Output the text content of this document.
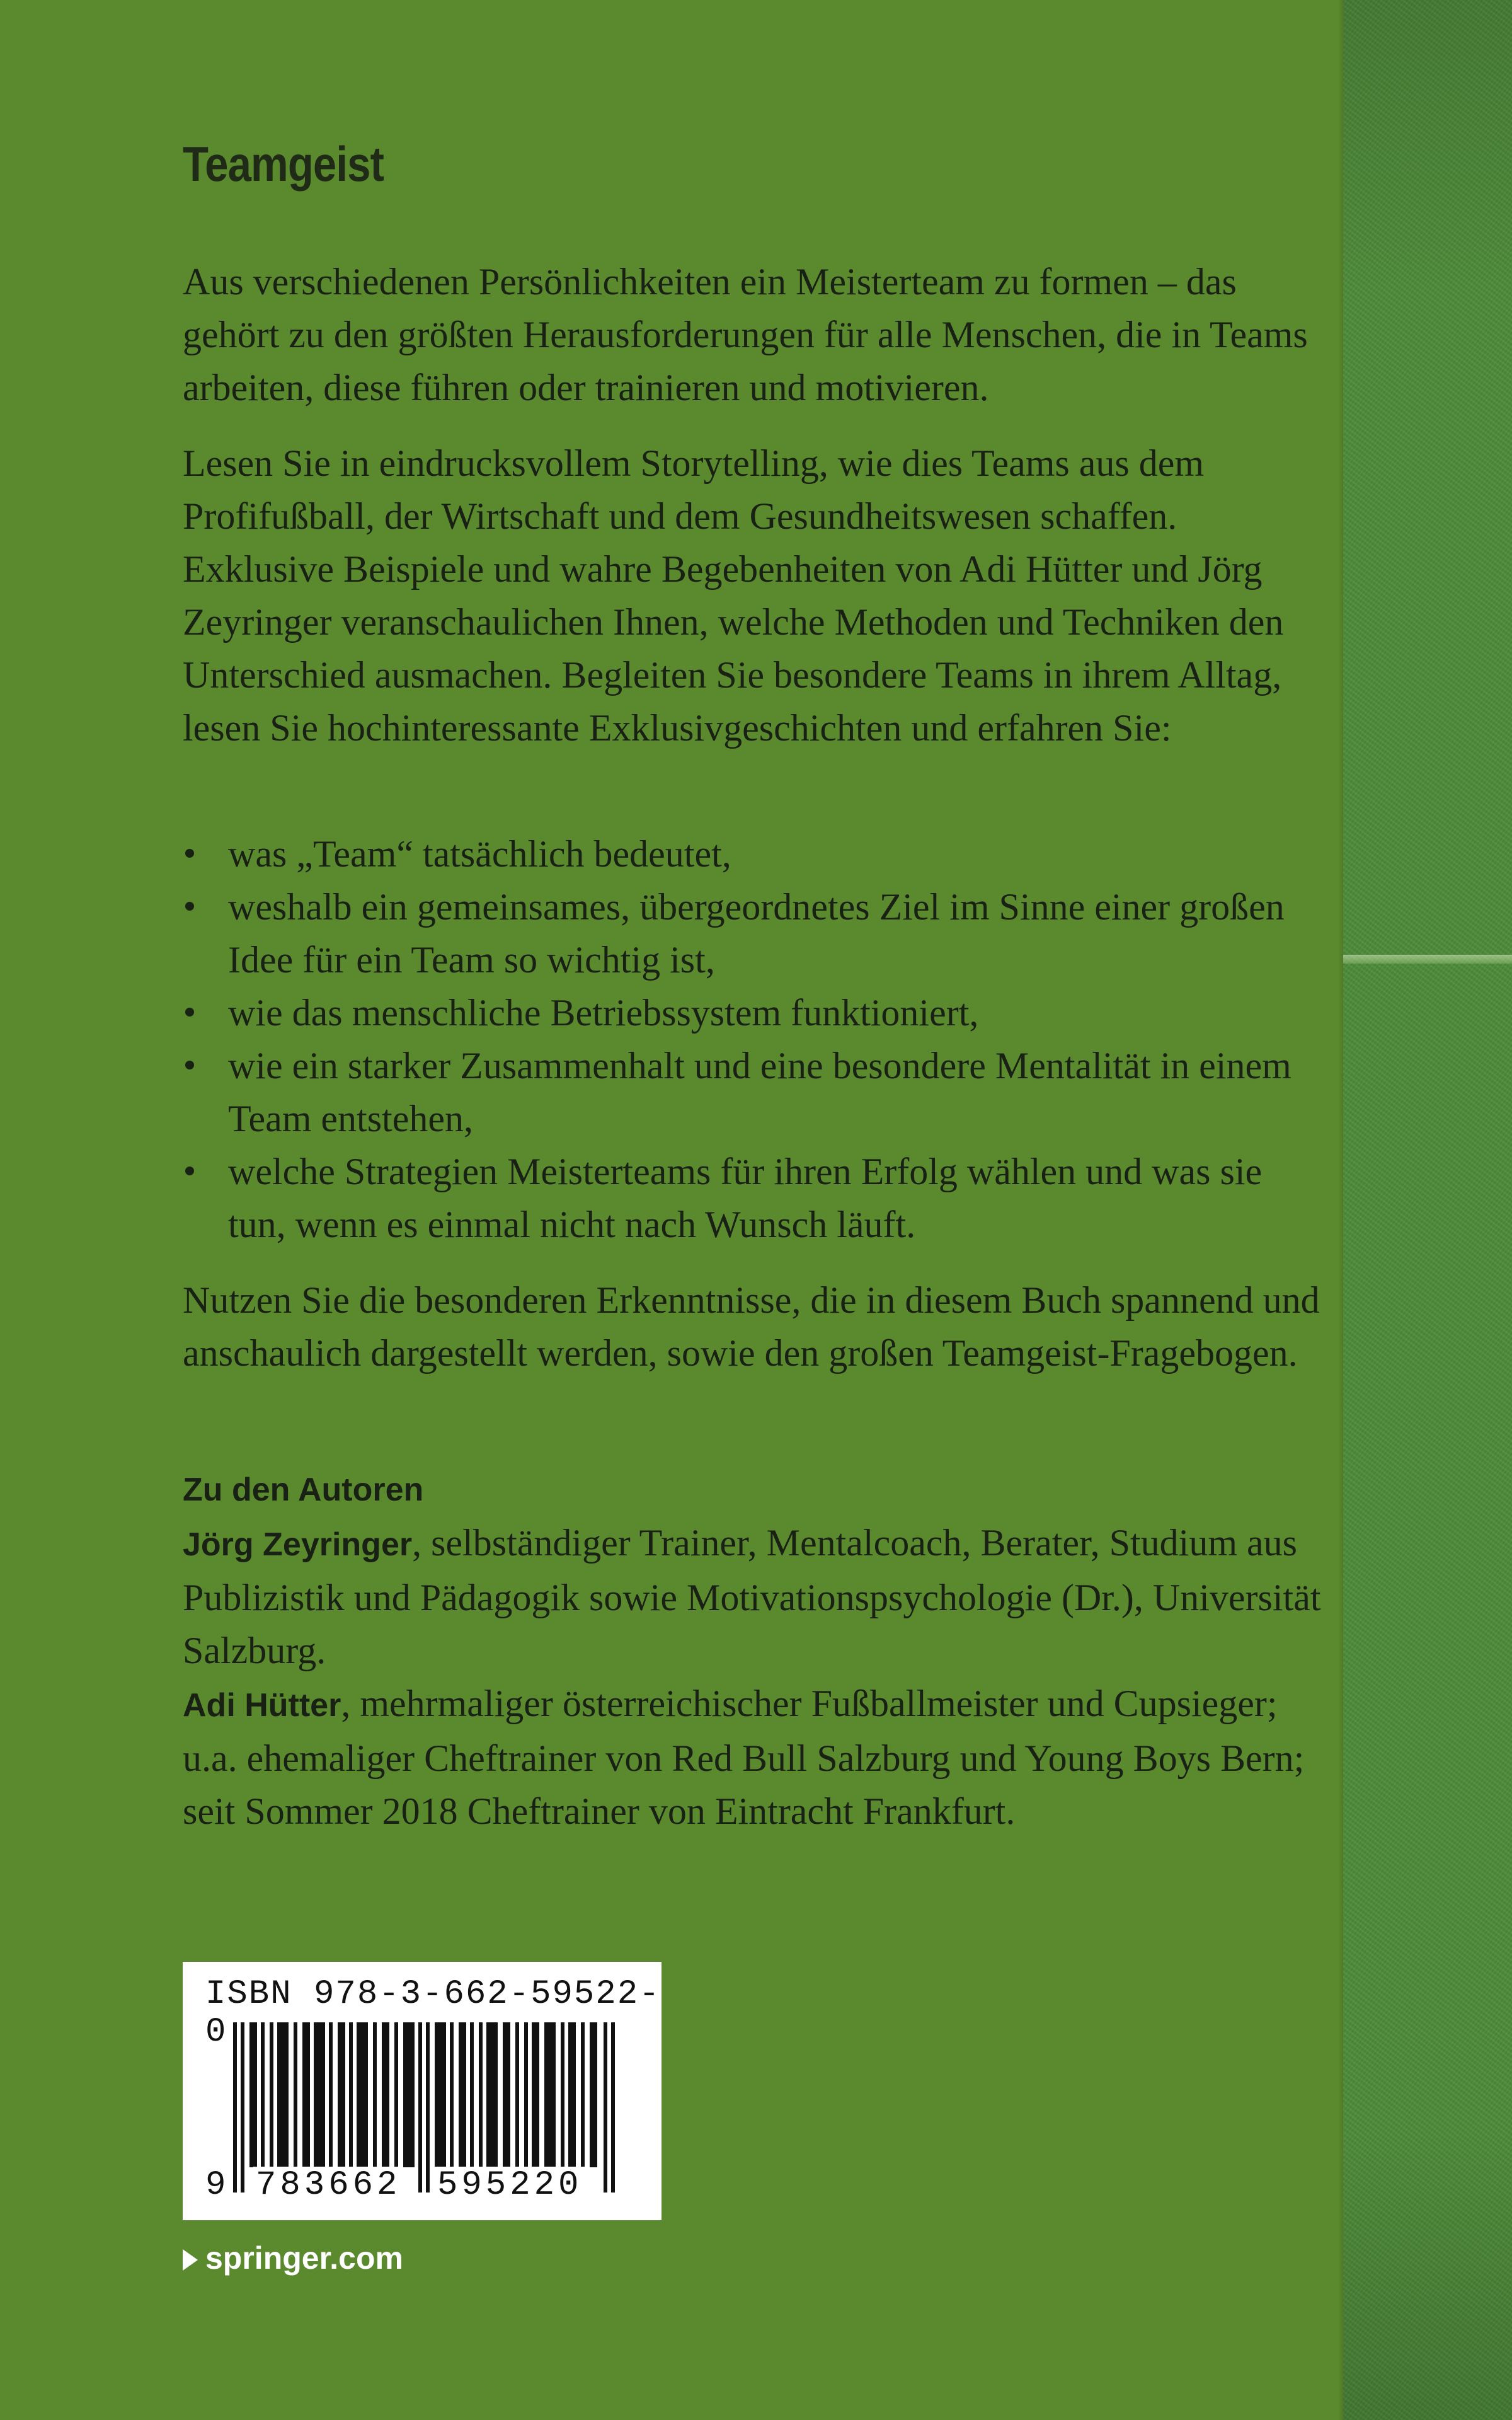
Teamgeist

Aus verschiedenen Persönlichkeiten ein Meisterteam zu formen – das gehört zu den größten Herausforderungen für alle Menschen, die in Teams arbeiten, diese führen oder trainieren und motivieren.

Lesen Sie in eindrucksvollem Storytelling, wie dies Teams aus dem Profifußball, der Wirtschaft und dem Gesundheitswesen schaffen. Exklusive Beispiele und wahre Begebenheiten von Adi Hütter und Jörg Zeyringer veranschaulichen Ihnen, welche Methoden und Techniken den Unterschied ausmachen. Begleiten Sie besondere Teams in ihrem Alltag, lesen Sie hochinteressante Exklusivgeschichten und erfahren Sie:

was „Team“ tatsächlich bedeutet,
weshalb ein gemeinsames, übergeordnetes Ziel im Sinne einer großen Idee für ein Team so wichtig ist,
wie das menschliche Betriebssystem funktioniert,
wie ein starker Zusammenhalt und eine besondere Mentalität in einem Team entstehen,
welche Strategien Meisterteams für ihren Erfolg wählen und was sie tun, wenn es einmal nicht nach Wunsch läuft.

Nutzen Sie die besonderen Erkenntnisse, die in diesem Buch spannend und anschaulich dargestellt werden, sowie den großen Teamgeist-Fragebogen.

Zu den Autoren

Jörg Zeyringer, selbständiger Trainer, Mentalcoach, Berater, Studium aus Publizistik und Pädagogik sowie Motivationspsychologie (Dr.), Universität Salzburg.

Adi Hütter, mehrmaliger österreichischer Fußballmeister und Cupsieger; u.a. ehemaliger Cheftrainer von Red Bull Salzburg und Young Boys Bern; seit Sommer 2018 Cheftrainer von Eintracht Frankfurt.

ISBN 978-3-662-59522-0
9 783662 595220
springer.com
